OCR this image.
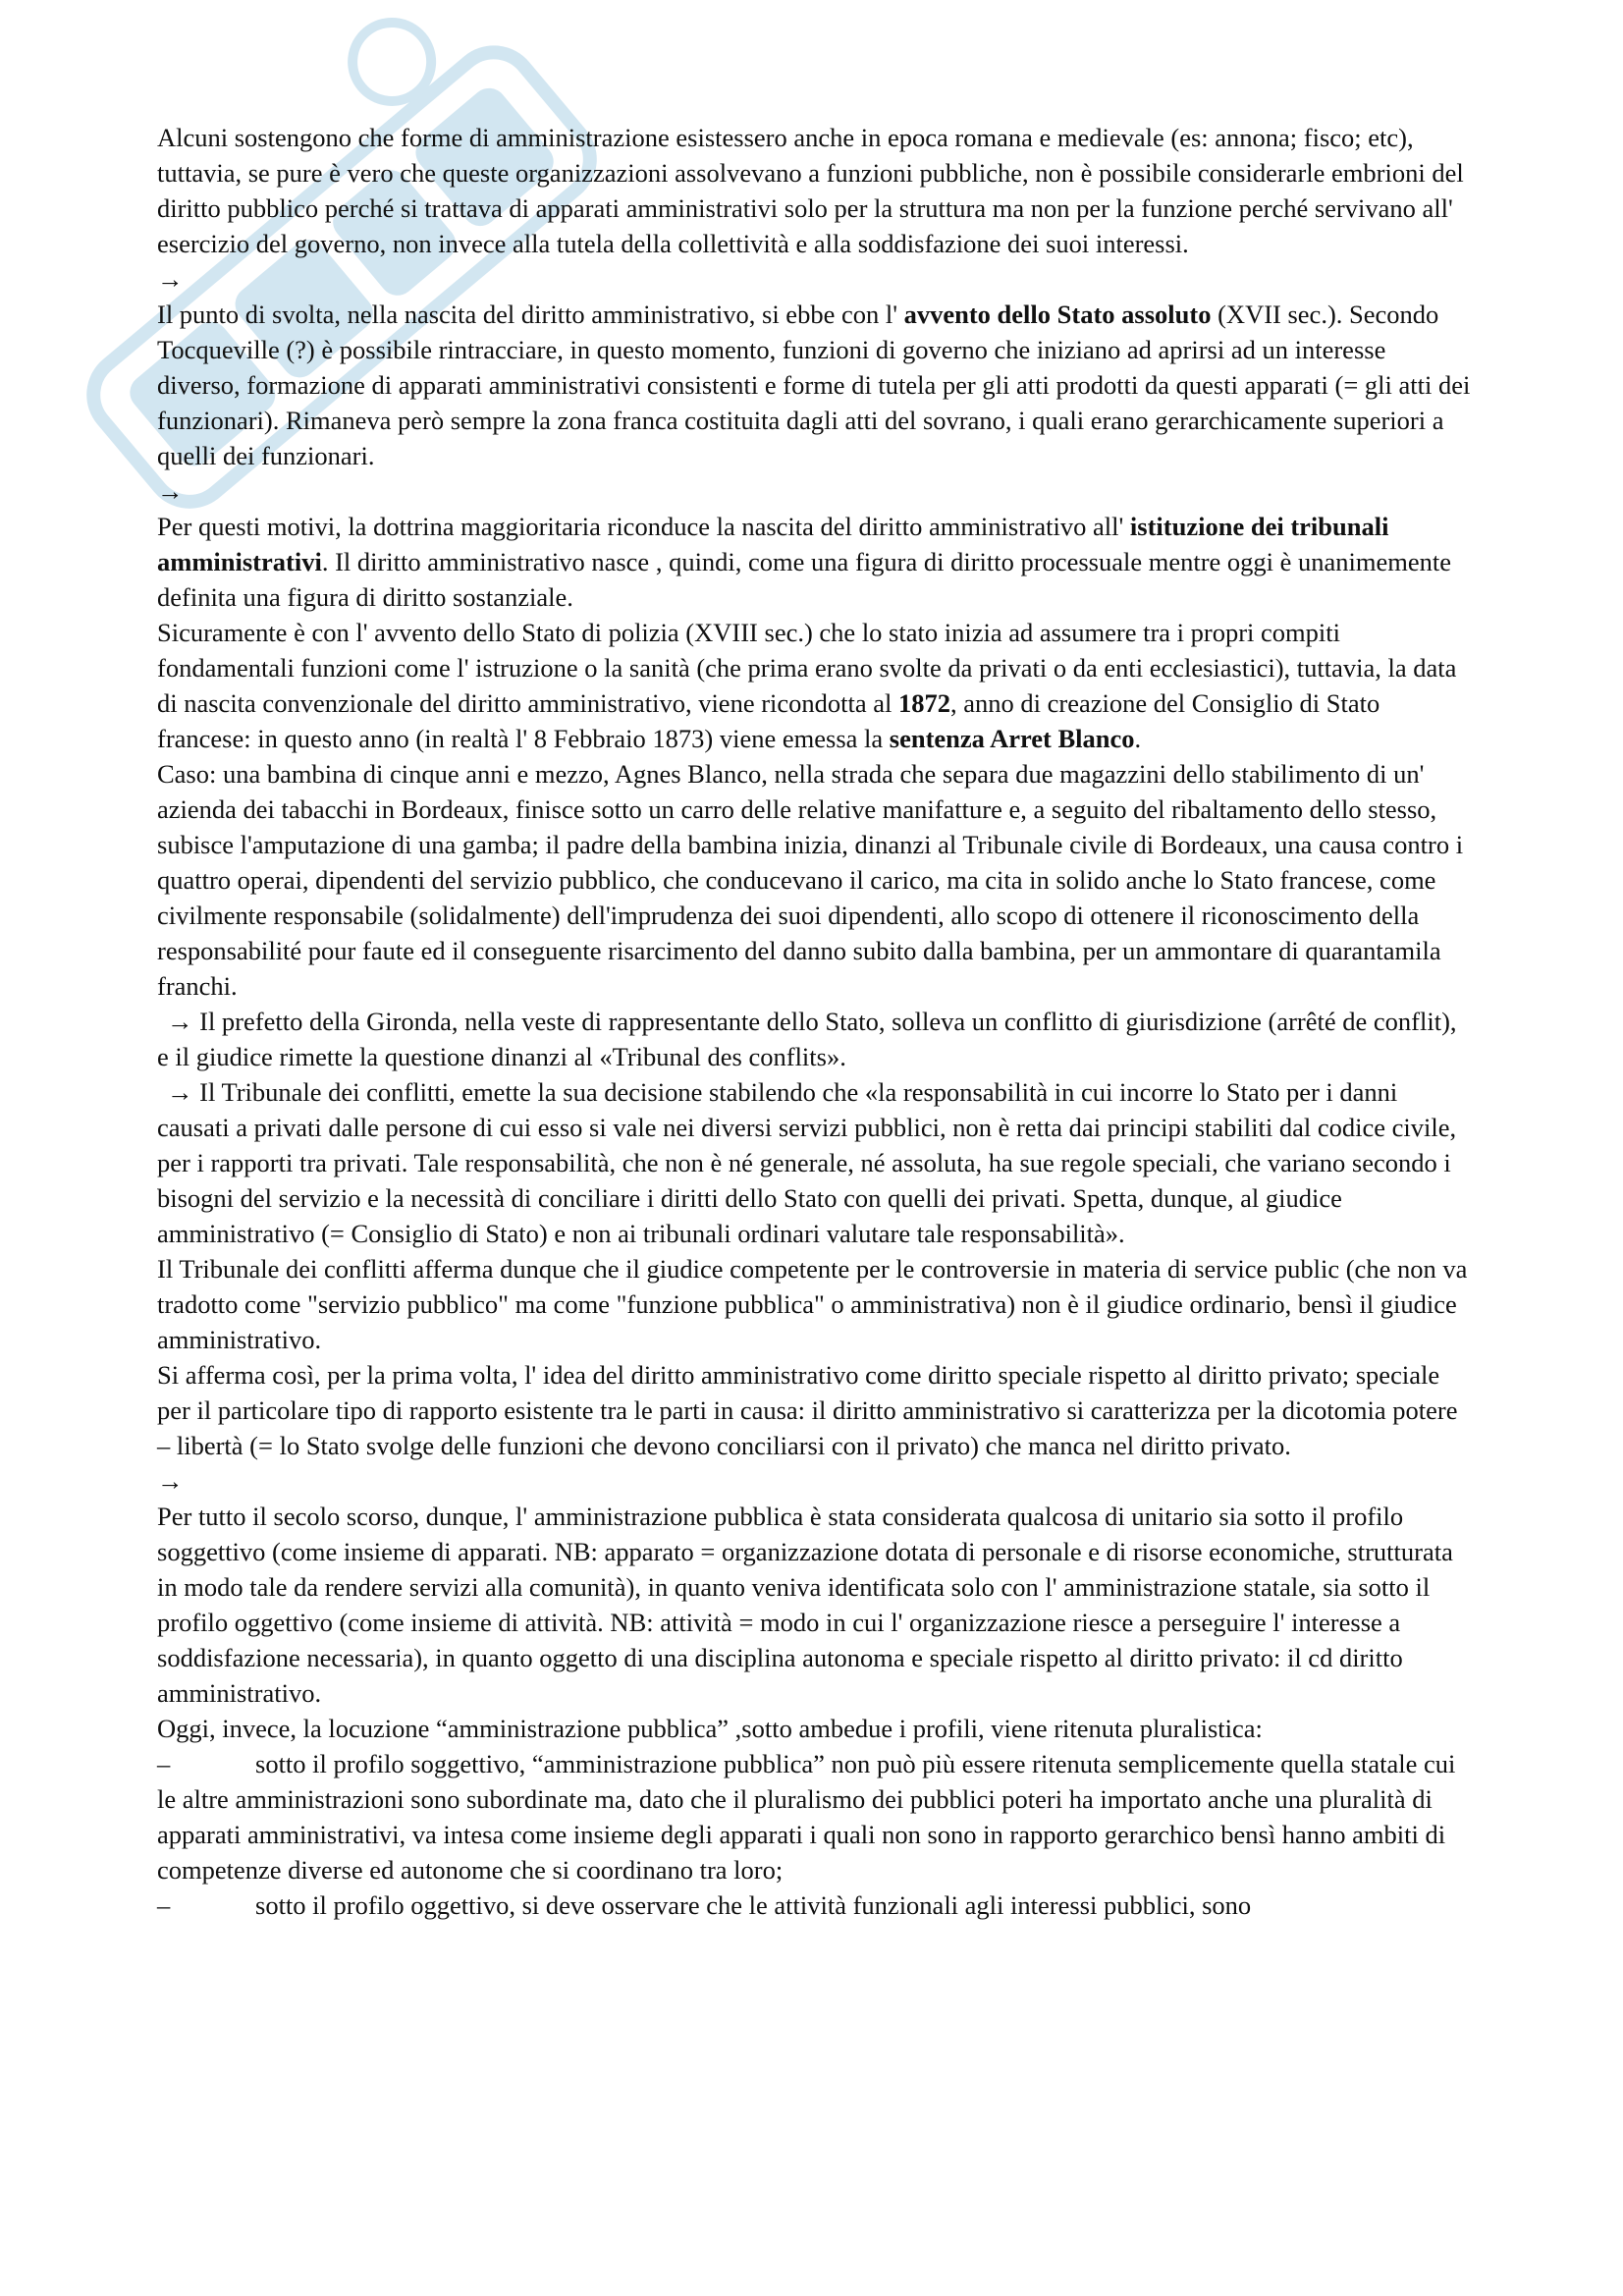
Alcuni sostengono che forme di amministrazione esistessero anche in epoca romana e medievale (es: annona; fisco; etc), tuttavia, se pure è vero che queste organizzazioni assolvevano a funzioni pubbliche, non è possibile considerarle embrioni del diritto pubblico perché si trattava di apparati amministrativi solo per la struttura ma non per la funzione perché servivano all' esercizio del governo, non invece alla tutela della collettività e alla soddisfazione dei suoi interessi.

→

Il punto di svolta, nella nascita del diritto amministrativo, si ebbe con l' avvento dello Stato assoluto (XVII sec.). Secondo Tocqueville (?) è possibile rintracciare, in questo momento, funzioni di governo che iniziano ad aprirsi ad un interesse diverso, formazione di apparati amministrativi consistenti e forme di tutela per gli atti prodotti da questi apparati (= gli atti dei funzionari). Rimaneva però sempre la zona franca costituita dagli atti del sovrano, i quali erano gerarchicamente superiori a quelli dei funzionari.

→

Per questi motivi, la dottrina maggioritaria riconduce la nascita del diritto amministrativo all' istituzione dei tribunali amministrativi. Il diritto amministrativo nasce , quindi, come una figura di diritto processuale mentre oggi è unanimemente definita una figura di diritto sostanziale.

Sicuramente è con l' avvento dello Stato di polizia (XVIII sec.) che lo stato inizia ad assumere tra i propri compiti fondamentali funzioni come l' istruzione o la sanità (che prima erano svolte da privati o da enti ecclesiastici), tuttavia, la data di nascita convenzionale del diritto amministrativo, viene ricondotta al 1872, anno di creazione del Consiglio di Stato francese: in questo anno (in realtà l' 8 Febbraio 1873) viene emessa la sentenza Arret Blanco.

Caso: una bambina di cinque anni e mezzo, Agnes Blanco, nella strada che separa due magazzini dello stabilimento di un' azienda dei tabacchi in Bordeaux, finisce sotto un carro delle relative manifatture e, a seguito del ribaltamento dello stesso, subisce l'amputazione di una gamba; il padre della bambina inizia, dinanzi al Tribunale civile di Bordeaux, una causa contro i quattro operai, dipendenti del servizio pubblico, che conducevano il carico, ma cita in solido anche lo Stato francese, come civilmente responsabile (solidalmente) dell'imprudenza dei suoi dipendenti, allo scopo di ottenere il riconoscimento della responsabilité pour faute ed il conseguente risarcimento del danno subito dalla bambina, per un ammontare di quarantamila franchi.

→ Il prefetto della Gironda, nella veste di rappresentante dello Stato, solleva un conflitto di giurisdizione (arrêté de conflit), e il giudice rimette la questione dinanzi al «Tribunal des conflits».

→ Il Tribunale dei conflitti, emette la sua decisione stabilendo che «la responsabilità in cui incorre lo Stato per i danni causati a privati dalle persone di cui esso si vale nei diversi servizi pubblici, non è retta dai principi stabiliti dal codice civile, per i rapporti tra privati. Tale responsabilità, che non è né generale, né assoluta, ha sue regole speciali, che variano secondo i bisogni del servizio e la necessità di conciliare i diritti dello Stato con quelli dei privati. Spetta, dunque, al giudice amministrativo (= Consiglio di Stato) e non ai tribunali ordinari valutare tale responsabilità».

Il Tribunale dei conflitti afferma dunque che il giudice competente per le controversie in materia di service public (che non va tradotto come "servizio pubblico" ma come "funzione pubblica" o amministrativa) non è il giudice ordinario, bensì il giudice amministrativo.

Si afferma così, per la prima volta, l' idea del diritto amministrativo come diritto speciale rispetto al diritto privato; speciale per il particolare tipo di rapporto esistente tra le parti in causa: il diritto amministrativo si caratterizza per la dicotomia potere – libertà (= lo Stato svolge delle funzioni che devono conciliarsi con il privato) che manca nel diritto privato.

→

Per tutto il secolo scorso, dunque, l' amministrazione pubblica è stata considerata qualcosa di unitario sia sotto il profilo soggettivo (come insieme di apparati. NB: apparato = organizzazione dotata di personale e di risorse economiche, strutturata in modo tale da rendere servizi alla comunità), in quanto veniva identificata solo con l' amministrazione statale, sia sotto il profilo oggettivo (come insieme di attività. NB: attività = modo in cui l' organizzazione riesce a perseguire l' interesse a soddisfazione necessaria), in quanto oggetto di una disciplina autonoma e speciale rispetto al diritto privato: il cd diritto amministrativo.

Oggi, invece, la locuzione “amministrazione pubblica” ,sotto ambedue i profili, viene ritenuta pluralistica:

–	sotto il profilo soggettivo, “amministrazione pubblica” non può più essere ritenuta semplicemente quella statale cui le altre amministrazioni sono subordinate ma, dato che il pluralismo dei pubblici poteri ha importato anche una pluralità di apparati amministrativi, va intesa come insieme degli apparati i quali non sono in rapporto gerarchico bensì hanno ambiti di competenze diverse ed autonome che si coordinano tra loro;

–	sotto il profilo oggettivo, si deve osservare che le attività funzionali agli interessi pubblici, sono
